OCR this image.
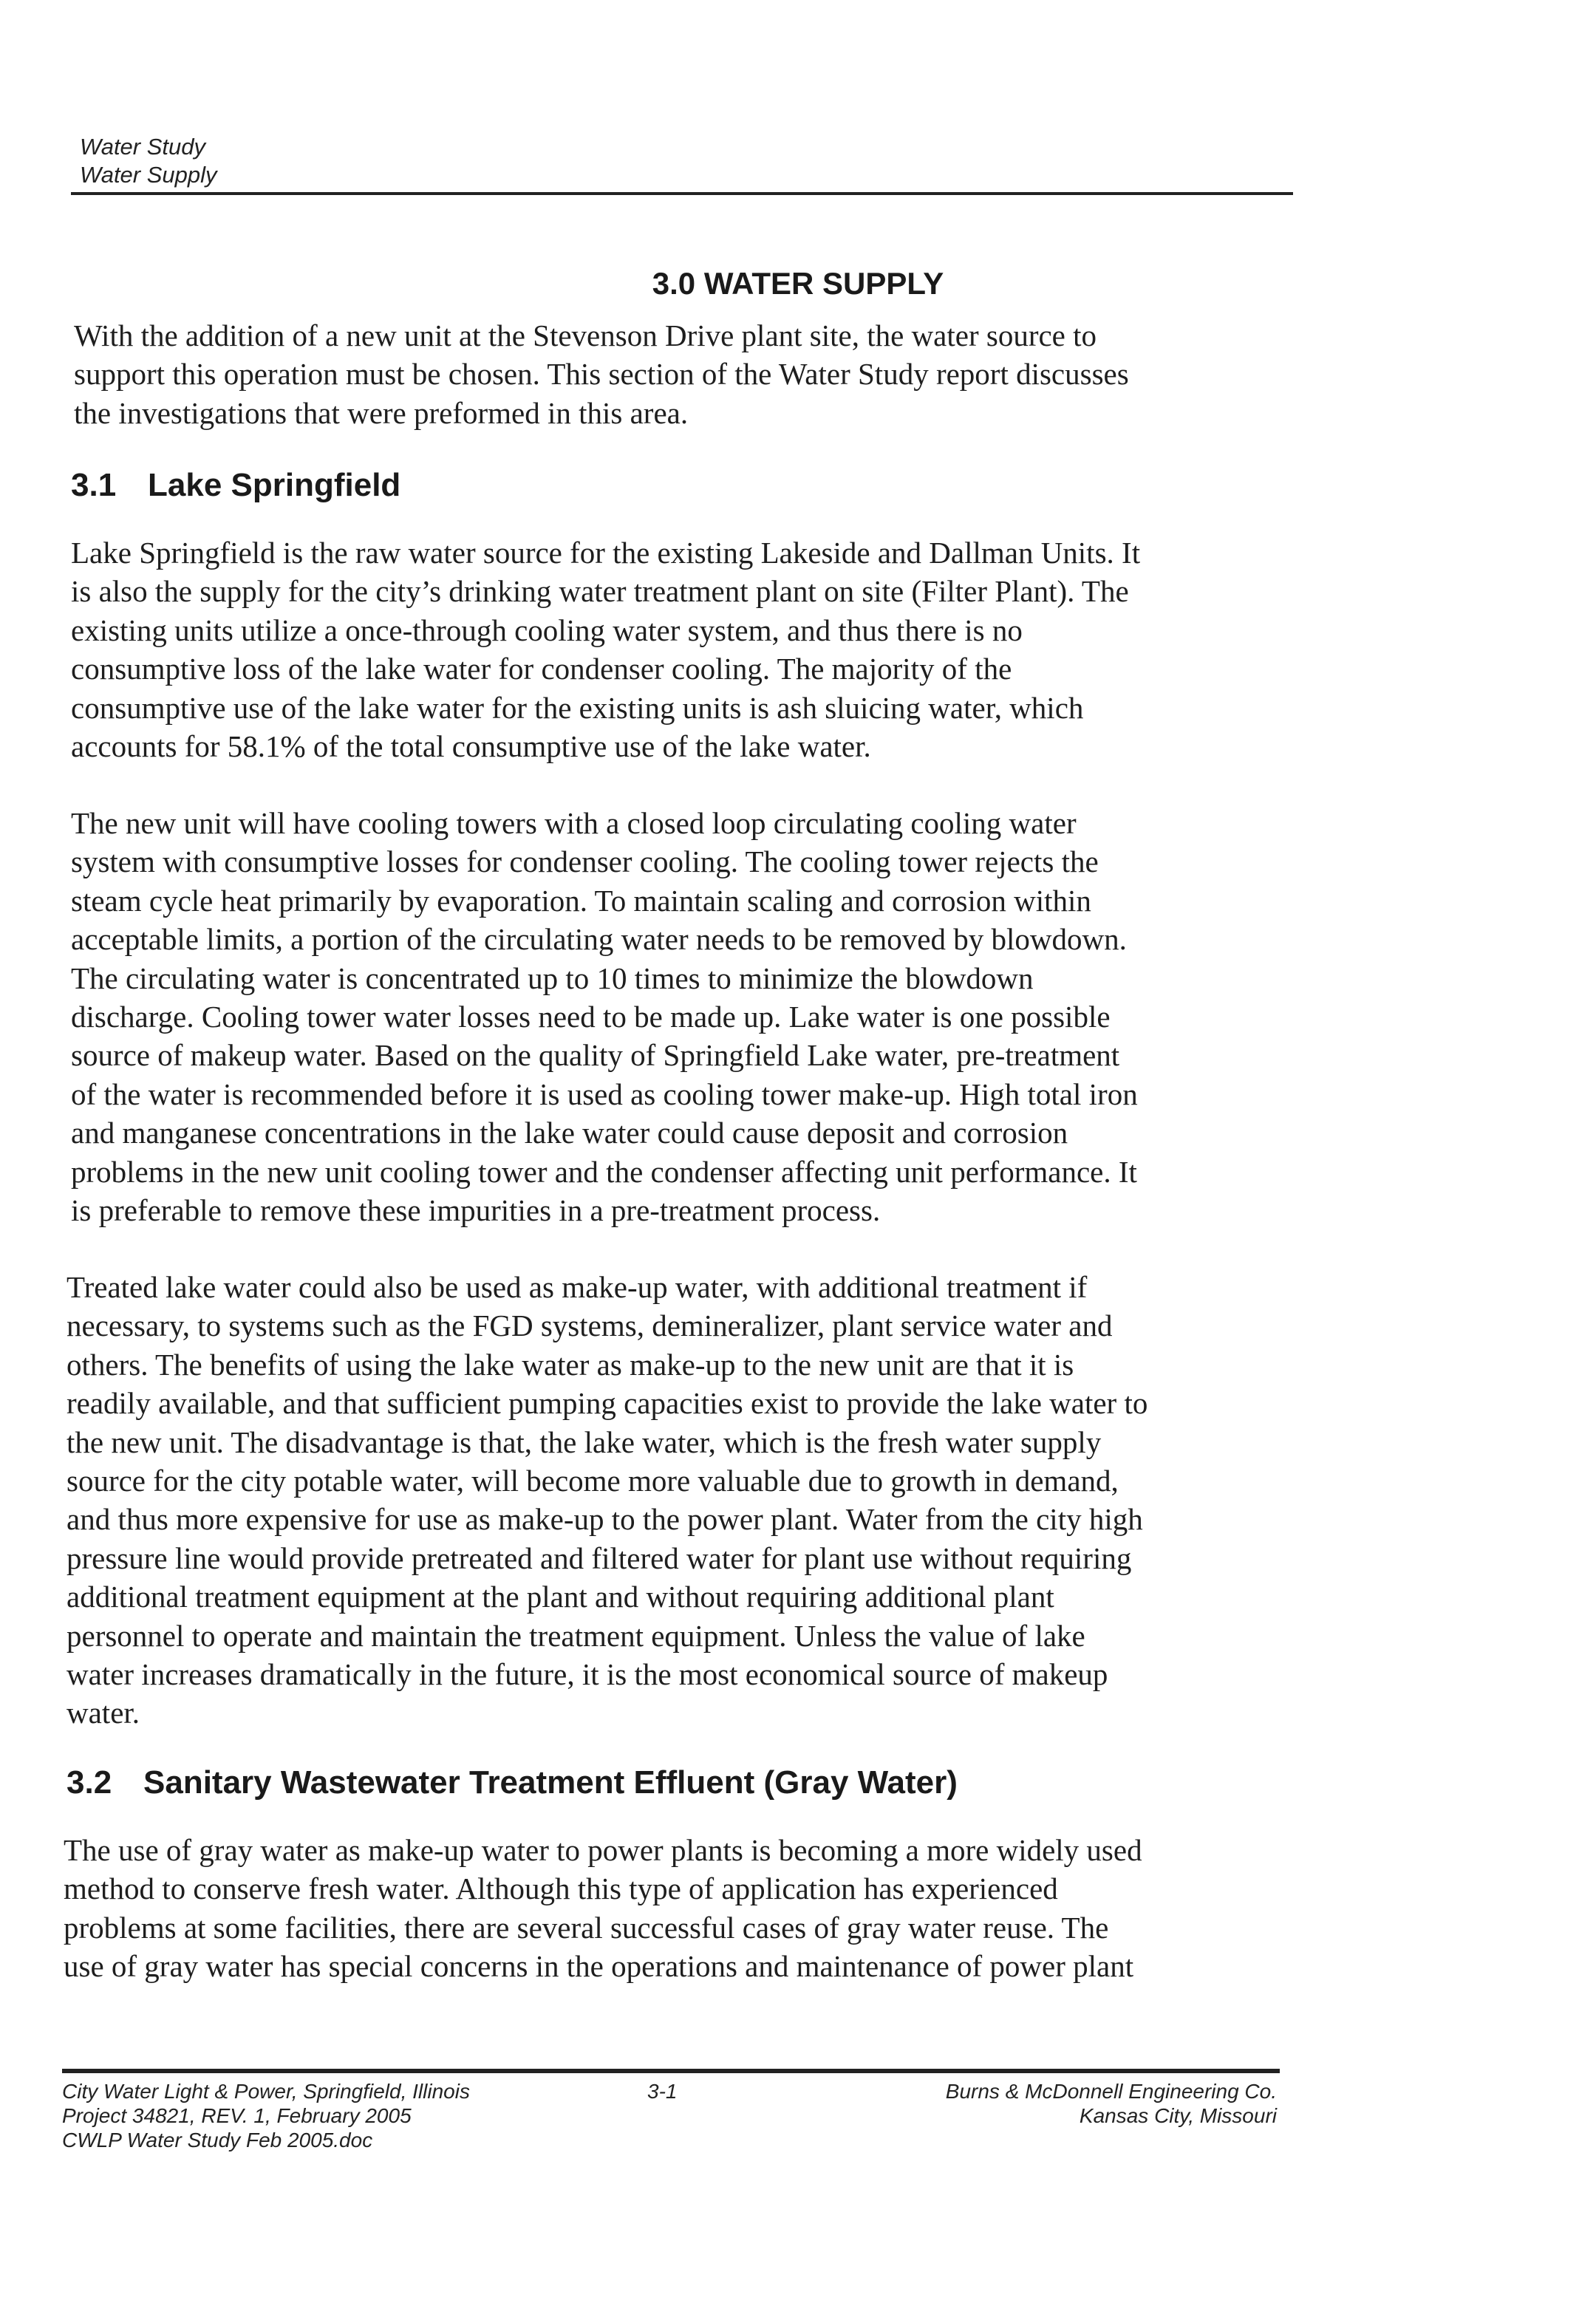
Water Study
Water Supply
3.0 WATER SUPPLY

With the addition of a new unit at the Stevenson Drive plant site, the water source to
support this operation must be chosen. This section of the Water Study report discusses
the investigations that were preformed in this area.

3.1 Lake Springfield

Lake Springfield is the raw water source for the existing Lakeside and Dallman Units. It
is also the supply for the city’s drinking water treatment plant on site (Filter Plant). The
existing units utilize a once-through cooling water system, and thus there is no
consumptive loss of the lake water for condenser cooling. The majority of the
consumptive use of the lake water for the existing units is ash sluicing water, which
accounts for 58.1% of the total consumptive use of the lake water.

The new unit will have cooling towers with a closed loop circulating cooling water
system with consumptive losses for condenser cooling. The cooling tower rejects the
steam cycle heat primarily by evaporation. To maintain scaling and corrosion within
acceptable limits, a portion of the circulating water needs to be removed by blowdown.
The circulating water is concentrated up to 10 times to minimize the blowdown
discharge. Cooling tower water losses need to be made up. Lake water is one possible
source of makeup water. Based on the quality of Springfield Lake water, pre-treatment
of the water is recommended before it is used as cooling tower make-up. High total iron
and manganese concentrations in the lake water could cause deposit and corrosion
problems in the new unit cooling tower and the condenser affecting unit performance. It
is preferable to remove these impurities in a pre-treatment process.

Treated lake water could also be used as make-up water, with additional treatment if
necessary, to systems such as the FGD systems, demineralizer, plant service water and
others. The benefits of using the lake water as make-up to the new unit are that it is
readily available, and that sufficient pumping capacities exist to provide the lake water to
the new unit. The disadvantage is that, the lake water, which is the fresh water supply
source for the city potable water, will become more valuable due to growth in demand,
and thus more expensive for use as make-up to the power plant. Water from the city high
pressure line would provide pretreated and filtered water for plant use without requiring
additional treatment equipment at the plant and without requiring additional plant
personnel to operate and maintain the treatment equipment. Unless the value of lake
water increases dramatically in the future, it is the most economical source of makeup
water.

3.2 Sanitary Wastewater Treatment Effluent (Gray Water)

The use of gray water as make-up water to power plants is becoming a more widely used
method to conserve fresh water. Although this type of application has experienced
problems at some facilities, there are several successful cases of gray water reuse. The
use of gray water has special concerns in the operations and maintenance of power plant

City Water Light & Power, Springfield, Illinois
Project 34821, REV. 1, February 2005
CWLP Water Study Feb 2005.doc
3-1	Burns & McDonnell Engineering Co.
Kansas City, Missouri
